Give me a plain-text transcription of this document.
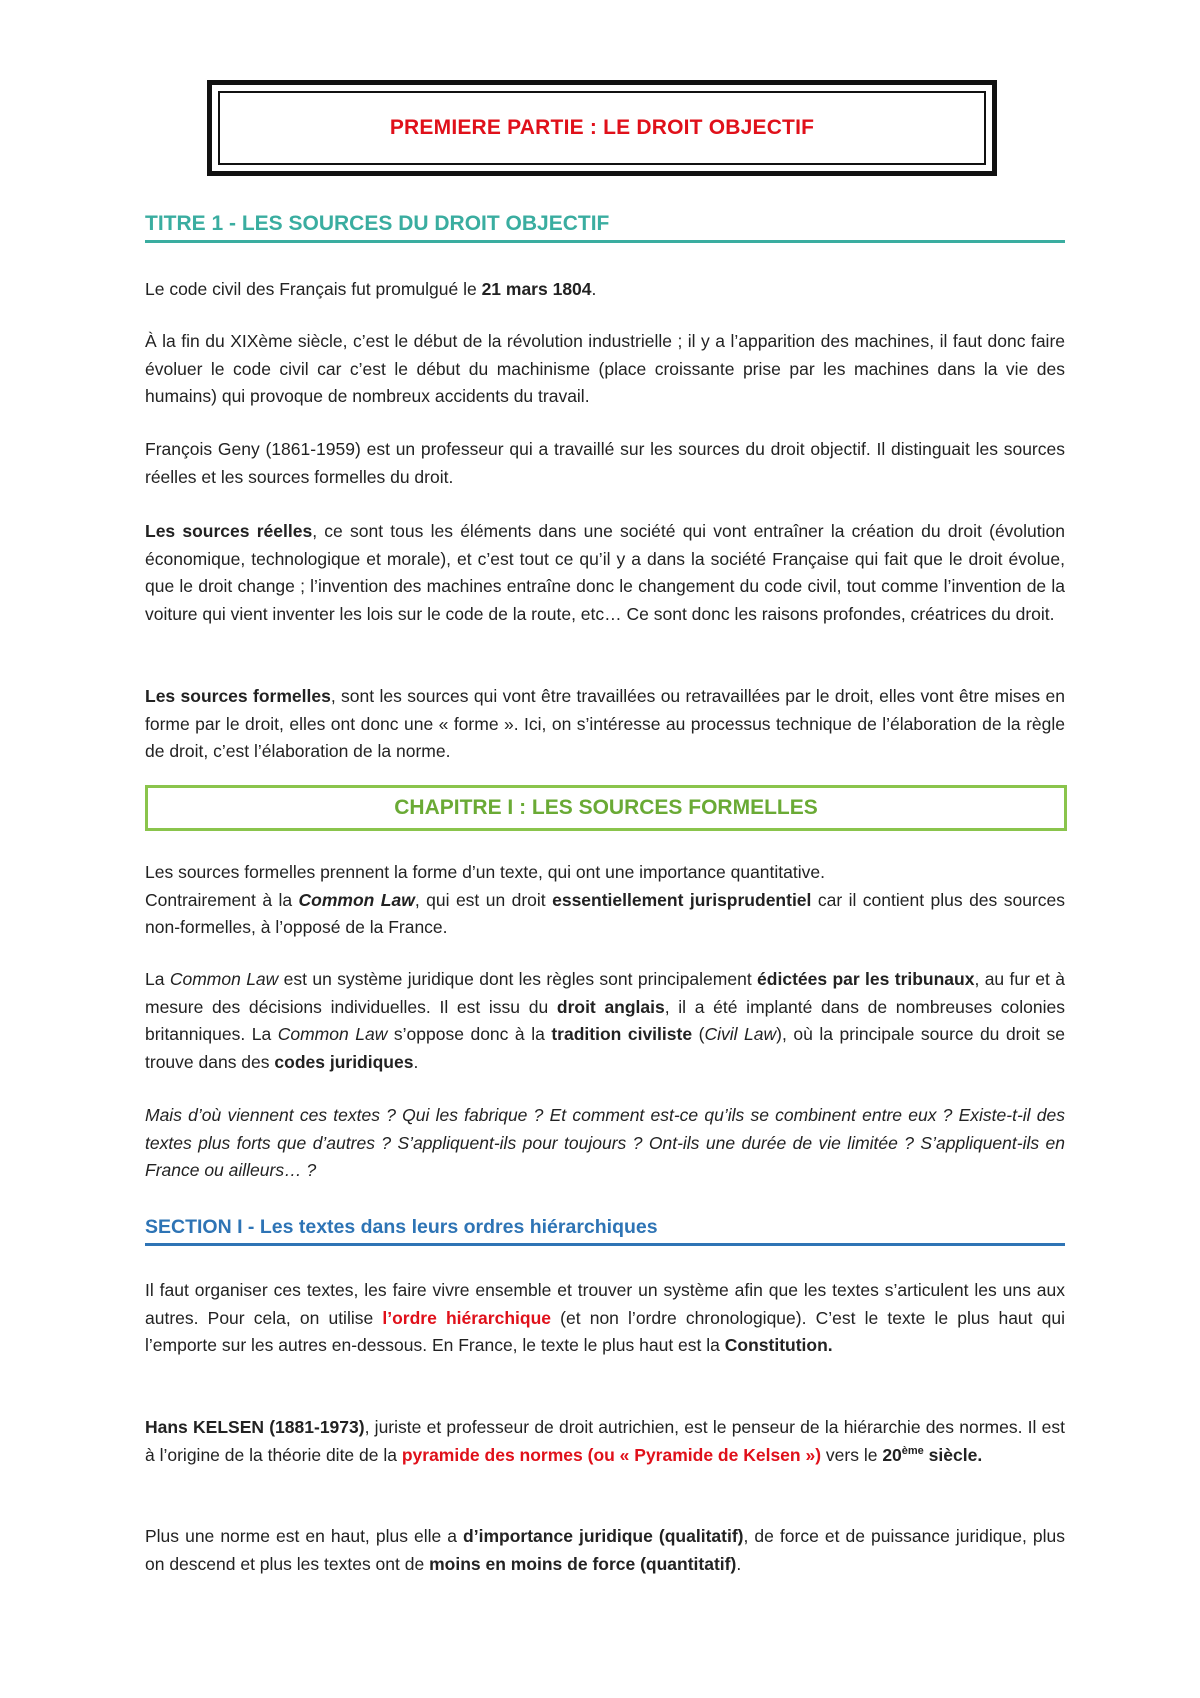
PREMIERE PARTIE : LE DROIT OBJECTIF
TITRE 1 - LES SOURCES DU DROIT OBJECTIF

Le code civil des Français fut promulgué le 21 mars 1804.

À la fin du XIXème siècle, c’est le début de la révolution industrielle ; il y a l’apparition des machines, il faut donc faire évoluer le code civil car c’est le début du machinisme (place croissante prise par les machines dans la vie des humains) qui provoque de nombreux accidents du travail.

François Geny (1861-1959) est un professeur qui a travaillé sur les sources du droit objectif. Il distinguait les sources réelles et les sources formelles du droit.

Les sources réelles, ce sont tous les éléments dans une société qui vont entraîner la création du droit (évolution économique, technologique et morale), et c’est tout ce qu’il y a dans la société Française qui fait que le droit évolue, que le droit change ; l’invention des machines entraîne donc le changement du code civil, tout comme l’invention de la voiture qui vient inventer les lois sur le code de la route, etc… Ce sont donc les raisons profondes, créatrices du droit.

Les sources formelles, sont les sources qui vont être travaillées ou retravaillées par le droit, elles vont être mises en forme par le droit, elles ont donc une « forme ». Ici, on s’intéresse au processus technique de l’élaboration de la règle de droit, c’est l’élaboration de la norme.

CHAPITRE I : LES SOURCES FORMELLES

Les sources formelles prennent la forme d’un texte, qui ont une importance quantitative.
Contrairement à la Common Law, qui est un droit essentiellement jurisprudentiel car il contient plus des sources non-formelles, à l’opposé de la France.

La Common Law est un système juridique dont les règles sont principalement édictées par les tribunaux, au fur et à mesure des décisions individuelles. Il est issu du droit anglais, il a été implanté dans de nombreuses colonies britanniques. La Common Law s’oppose donc à la tradition civiliste (Civil Law), où la principale source du droit se trouve dans des codes juridiques.

Mais d’où viennent ces textes ? Qui les fabrique ? Et comment est-ce qu’ils se combinent entre eux ? Existe-t-il des textes plus forts que d’autres ? S’appliquent-ils pour toujours ? Ont-ils une durée de vie limitée ? S’appliquent-ils en France ou ailleurs… ?

SECTION I - Les textes dans leurs ordres hiérarchiques

Il faut organiser ces textes, les faire vivre ensemble et trouver un système afin que les textes s’articulent les uns aux autres. Pour cela, on utilise l’ordre hiérarchique (et non l’ordre chronologique). C’est le texte le plus haut qui l’emporte sur les autres en-dessous. En France, le texte le plus haut est la Constitution.

Hans KELSEN (1881-1973), juriste et professeur de droit autrichien, est le penseur de la hiérarchie des normes. Il est à l’origine de la théorie dite de la pyramide des normes (ou « Pyramide de Kelsen ») vers le 20ème siècle.

Plus une norme est en haut, plus elle a d’importance juridique (qualitatif), de force et de puissance juridique, plus on descend et plus les textes ont de moins en moins de force (quantitatif).
